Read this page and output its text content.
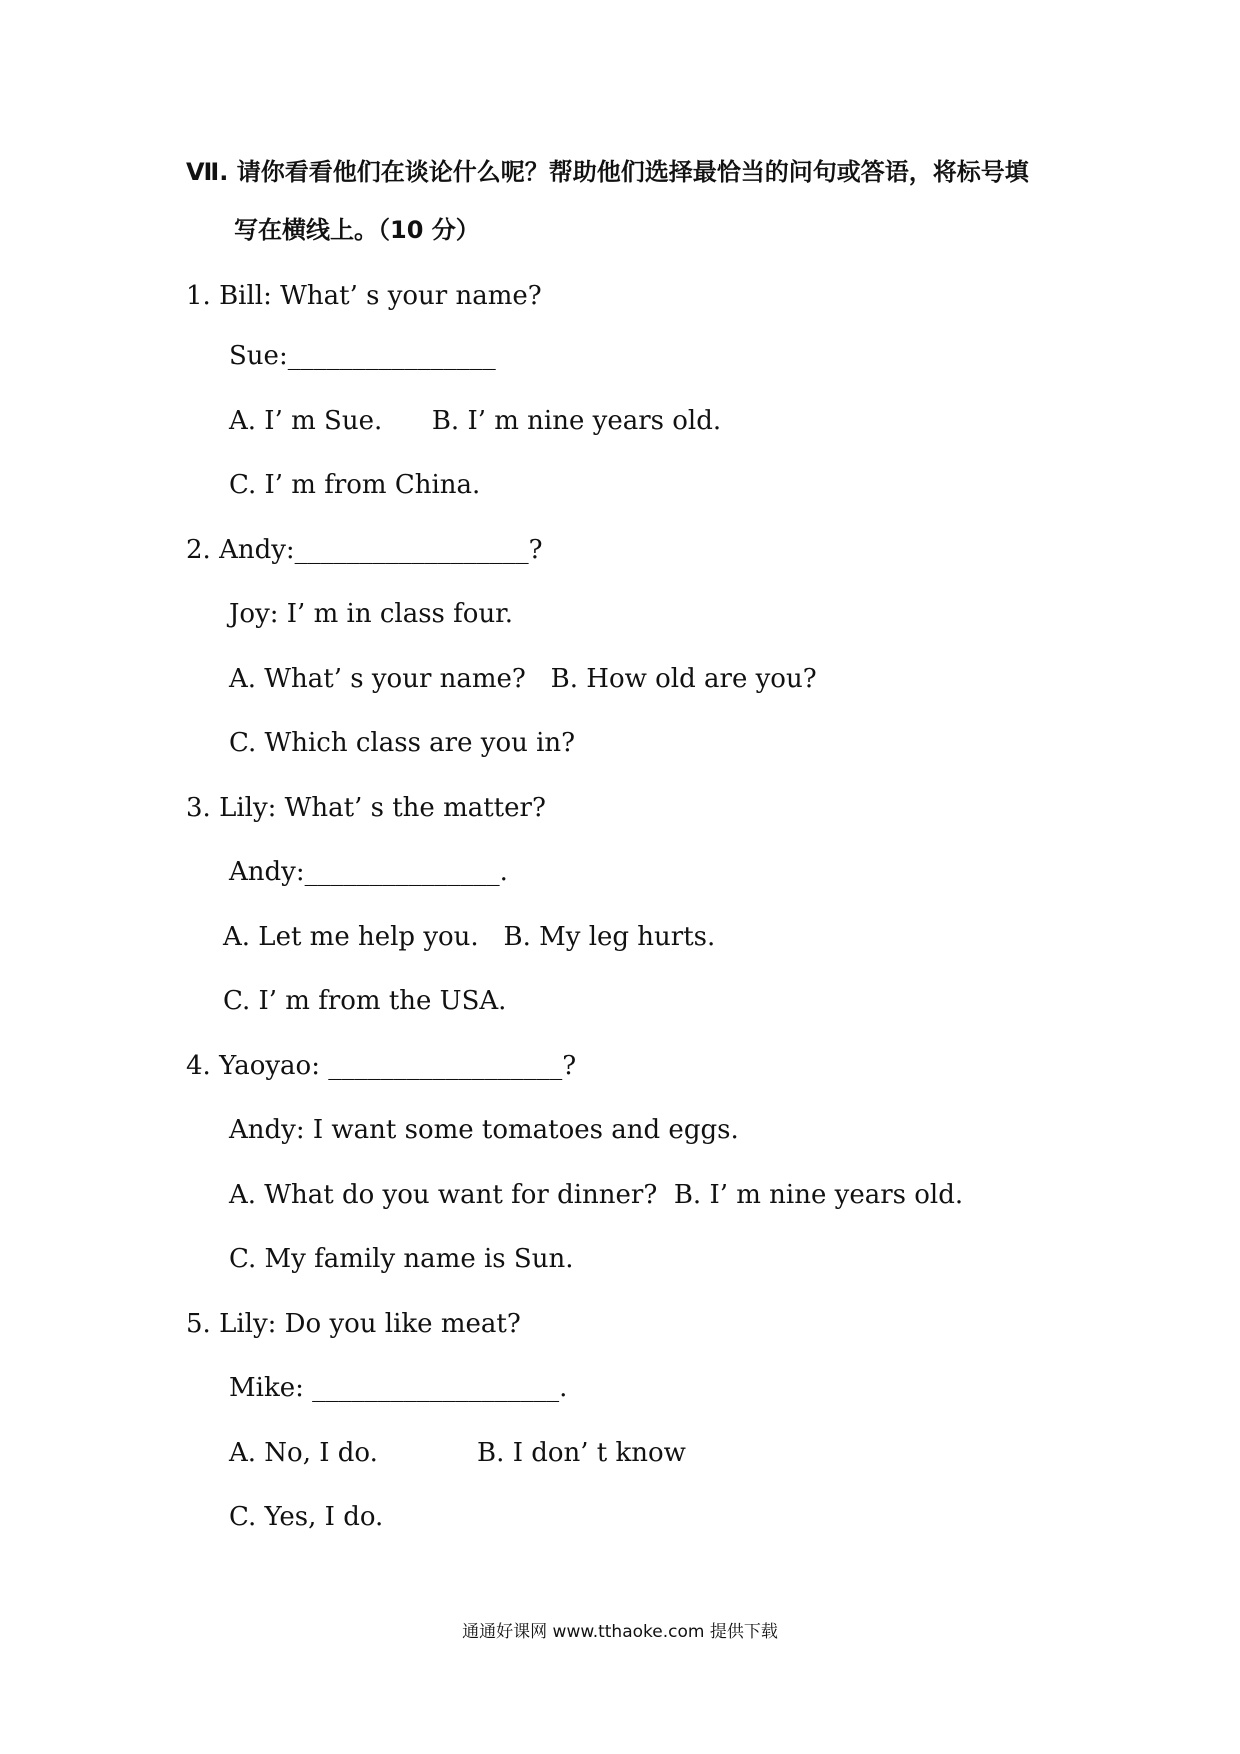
Ⅶ. 请你看看他们在谈论什么呢？帮助他们选择最恰当的问句或答语，将标号填
写在横线上。（10 分）
1. Bill: What’ s your name?
Sue:________________
A. I’ m Sue.      B. I’ m nine years old.
C. I’ m from China.
2. Andy:__________________?
Joy: I’ m in class four.
A. What’ s your name?   B. How old are you?
C. Which class are you in?
3. Lily: What’ s the matter?
Andy:_______________.
A. Let me help you.   B. My leg hurts.
C. I’ m from the USA.
4. Yaoyao: __________________?
Andy: I want some tomatoes and eggs.
A. What do you want for dinner?  B. I’ m nine years old.
C. My family name is Sun.
5. Lily: Do you like meat?
Mike: ___________________.
A. No, I do.            B. I don’ t know
C. Yes, I do.
通通好课网 www.tthaoke.com 提供下载
